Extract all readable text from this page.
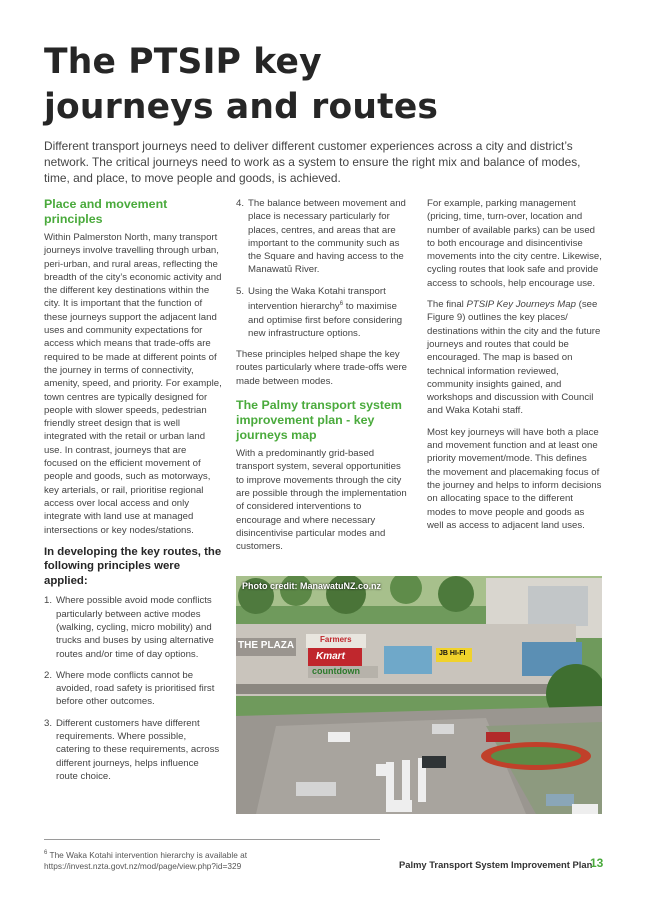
The PTSIP key
journeys and routes

Different transport journeys need to deliver different customer experiences across a city and district’s network. The critical journeys need to work as a system to ensure the right mix and balance of modes, time, and place, to move people and goods, is achieved.

Place and movement principles

Within Palmerston North, many transport journeys involve travelling through urban, peri-urban, and rural areas, reflecting the breadth of the city’s economic activity and the different key destinations within the city. It is important that the function of these journeys support the adjacent land uses and community expectations for access which means that trade-offs are required to be made at different points of the journey in terms of connectivity, amenity, speed, and priority. For example, town centres are typically designed for people with slower speeds, pedestrian friendly street design that is well integrated with the retail or urban land use. In contrast, journeys that are focused on the efficient movement of people and goods, such as motorways, key arterials, or rail, prioritise regional access over local access and only integrate with land use at managed intersections or key nodes/stations.

In developing the key routes, the following principles were applied:
1. Where possible avoid mode conflicts particularly between active modes (walking, cycling, micro mobility) and trucks and buses by using alternative routes and/or time of day options.
2. Where mode conflicts cannot be avoided, road safety is prioritised first before other outcomes.
3. Different customers have different requirements. Where possible, catering to these requirements, across different journeys, helps influence route choice.
4. The balance between movement and place is necessary particularly for places, centres, and areas that are important to the community such as the Square and having access to the Manawatū River.
5. Using the Waka Kotahi transport intervention hierarchy$^6$ to maximise and optimise first before considering new infrastructure options.

These principles helped shape the key routes particularly where trade-offs were made between modes.

The Palmy transport system improvement plan - key journeys map

With a predominantly grid-based transport system, several opportunities to improve movements through the city are possible through the implementation of considered interventions to encourage and where necessary disincentivise particular modes and customers.

For example, parking management (pricing, time, turn-over, location and number of available parks) can be used to both encourage and disincentivise movements into the city centre. Likewise, cycling routes that look safe and provide access to schools, help encourage use.

The final PTSIP Key Journeys Map (see Figure 9) outlines the key places/ destinations within the city and the future journeys and routes that could be encouraged. The map is based on technical information reviewed, community insights gained, and workshops and discussion with Council and Waka Kotahi staff.

Most key journeys will have both a place and movement function and at least one priority movement/mode. This defines the movement and placemaking focus of the journey and helps to inform decisions on allocating space to the different modes to move people and goods as well as access to adjacent land uses.

Photo credit: ManawatuNZ.co.nz
THE PLAZA
Farmers
Kmart
countdown
JB HI-FI

$^6$ The Waka Kotahi intervention hierarchy is available at https://invest.nzta.govt.nz/mod/page/view.php?id=329	Palmy Transport System Improvement Plan
13
